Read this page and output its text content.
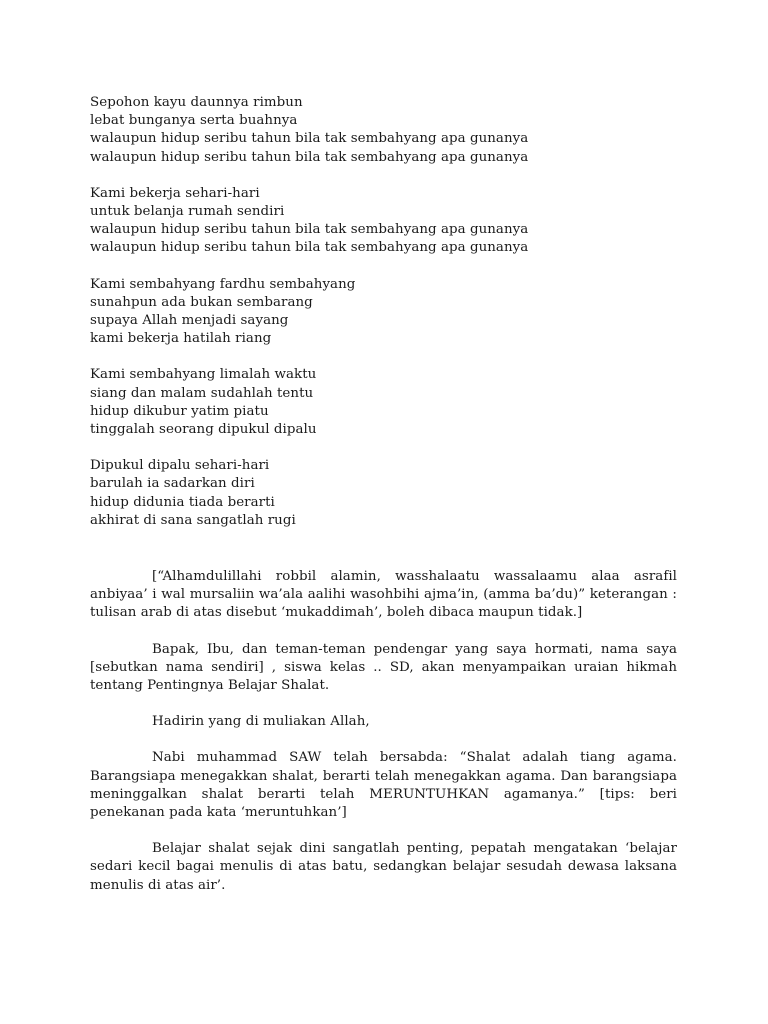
Sepohon kayu daunnya rimbun
lebat bunganya serta buahnya
walaupun hidup seribu tahun bila tak sembahyang apa gunanya
walaupun hidup seribu tahun bila tak sembahyang apa gunanya
Kami bekerja sehari-hari
untuk belanja rumah sendiri
walaupun hidup seribu tahun bila tak sembahyang apa gunanya
walaupun hidup seribu tahun bila tak sembahyang apa gunanya
Kami sembahyang fardhu sembahyang
sunahpun ada bukan sembarang
supaya Allah menjadi sayang
kami bekerja hatilah riang
Kami sembahyang limalah waktu
siang dan malam sudahlah tentu
hidup dikubur yatim piatu
tinggalah seorang dipukul dipalu
Dipukul dipalu sehari-hari
barulah ia sadarkan diri
hidup didunia tiada berarti
akhirat di sana sangatlah rugi

[“Alhamdulillahi robbil alamin, wasshalaatu wassalaamu alaa asrafil anbiyaa’ i wal mursaliin wa’ala aalihi wasohbihi ajma’in, (amma ba’du)” keterangan : tulisan arab di atas disebut ‘mukaddimah’, boleh dibaca maupun tidak.]

Bapak, Ibu, dan teman-teman pendengar yang saya hormati, nama saya [sebutkan nama sendiri] , siswa kelas .. SD, akan menyampaikan uraian hikmah tentang Pentingnya Belajar Shalat.

Hadirin yang di muliakan Allah,

Nabi muhammad SAW telah bersabda: “Shalat adalah tiang agama. Barangsiapa menegakkan shalat, berarti telah menegakkan agama. Dan barangsiapa meninggalkan shalat berarti telah MERUNTUHKAN agamanya.” [tips: beri penekanan pada kata ‘meruntuhkan’]

Belajar shalat sejak dini sangatlah penting, pepatah mengatakan ‘belajar sedari kecil bagai menulis di atas batu, sedangkan belajar sesudah dewasa laksana menulis di atas air’.
